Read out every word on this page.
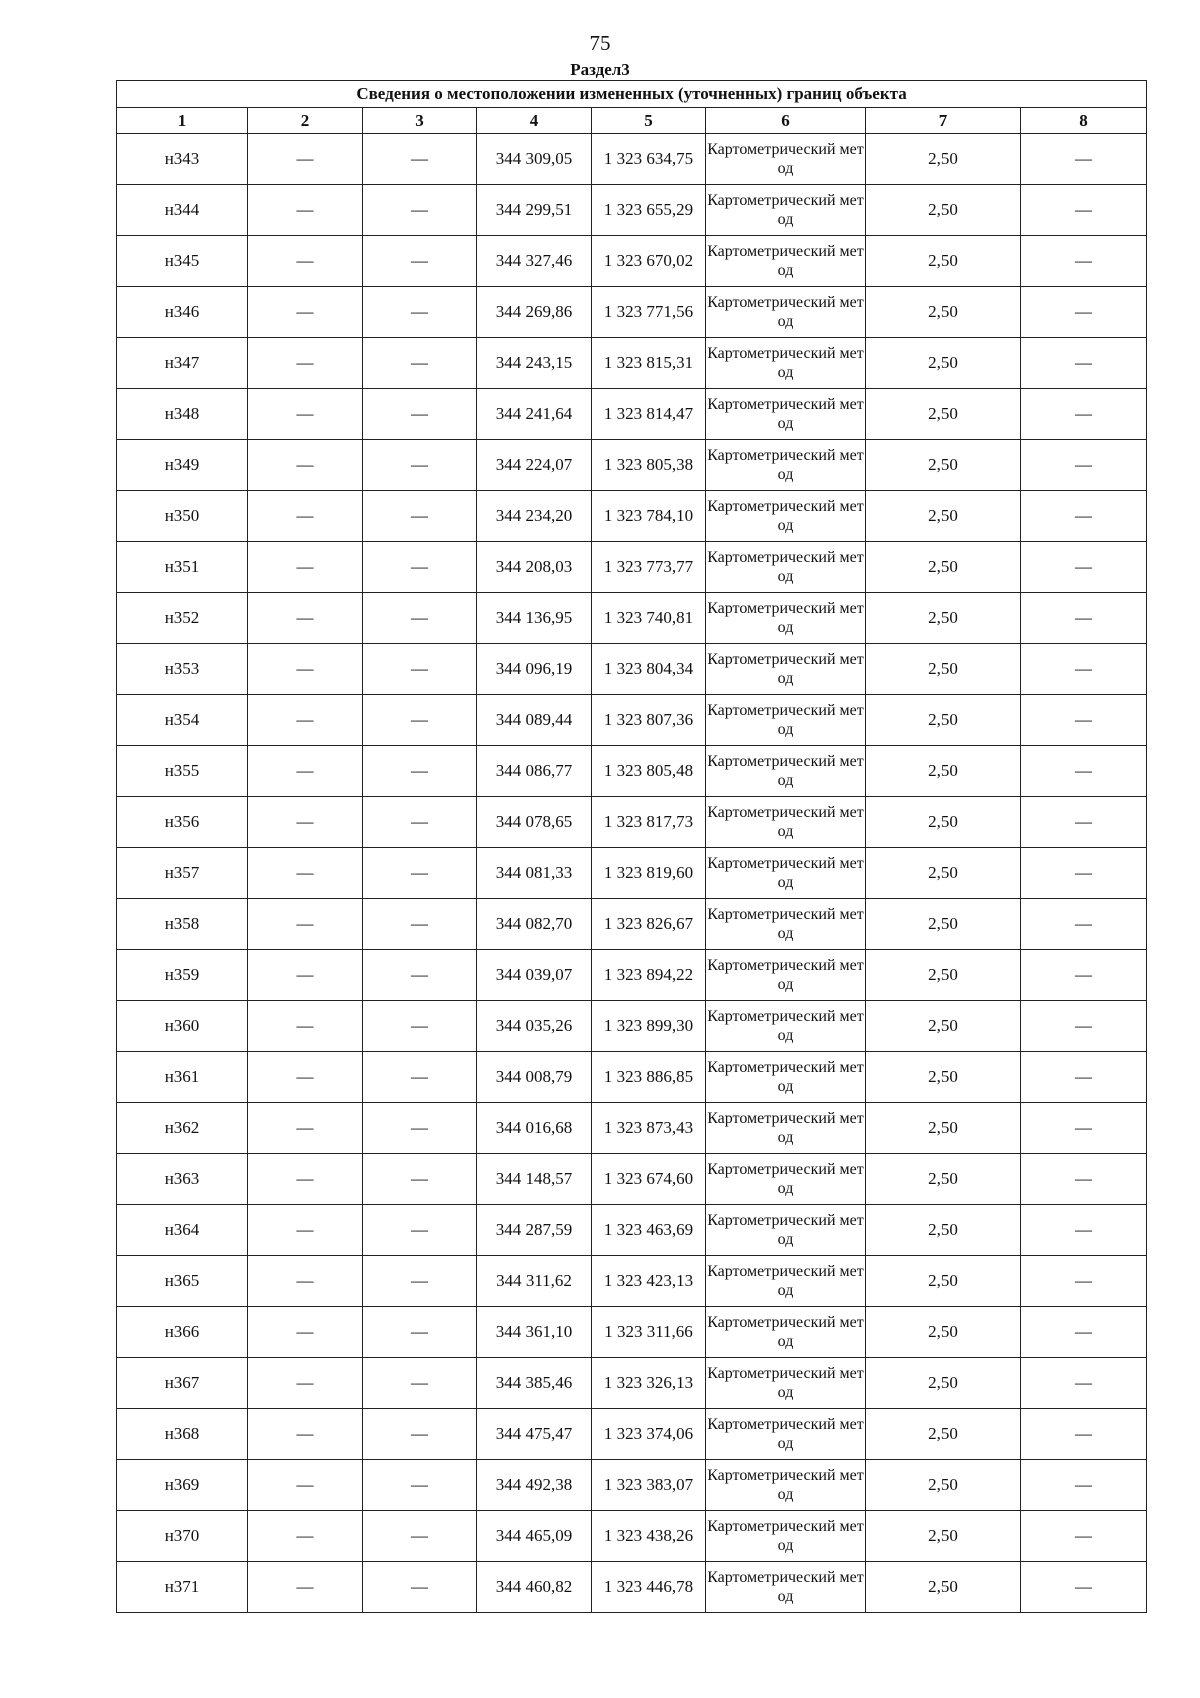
75
Раздел3
Сведения о местоположении измененных (уточненных) границ объекта							
1	2	3	4	5	6	7	8
н343	—	—	344 309,05	1 323 634,75	Картометрический метод	2,50	—
н344	—	—	344 299,51	1 323 655,29	Картометрический метод	2,50	—
н345	—	—	344 327,46	1 323 670,02	Картометрический метод	2,50	—
н346	—	—	344 269,86	1 323 771,56	Картометрический метод	2,50	—
н347	—	—	344 243,15	1 323 815,31	Картометрический метод	2,50	—
н348	—	—	344 241,64	1 323 814,47	Картометрический метод	2,50	—
н349	—	—	344 224,07	1 323 805,38	Картометрический метод	2,50	—
н350	—	—	344 234,20	1 323 784,10	Картометрический метод	2,50	—
н351	—	—	344 208,03	1 323 773,77	Картометрический метод	2,50	—
н352	—	—	344 136,95	1 323 740,81	Картометрический метод	2,50	—
н353	—	—	344 096,19	1 323 804,34	Картометрический метод	2,50	—
н354	—	—	344 089,44	1 323 807,36	Картометрический метод	2,50	—
н355	—	—	344 086,77	1 323 805,48	Картометрический метод	2,50	—
н356	—	—	344 078,65	1 323 817,73	Картометрический метод	2,50	—
н357	—	—	344 081,33	1 323 819,60	Картометрический метод	2,50	—
н358	—	—	344 082,70	1 323 826,67	Картометрический метод	2,50	—
н359	—	—	344 039,07	1 323 894,22	Картометрический метод	2,50	—
н360	—	—	344 035,26	1 323 899,30	Картометрический метод	2,50	—
н361	—	—	344 008,79	1 323 886,85	Картометрический метод	2,50	—
н362	—	—	344 016,68	1 323 873,43	Картометрический метод	2,50	—
н363	—	—	344 148,57	1 323 674,60	Картометрический метод	2,50	—
н364	—	—	344 287,59	1 323 463,69	Картометрический метод	2,50	—
н365	—	—	344 311,62	1 323 423,13	Картометрический метод	2,50	—
н366	—	—	344 361,10	1 323 311,66	Картометрический метод	2,50	—
н367	—	—	344 385,46	1 323 326,13	Картометрический метод	2,50	—
н368	—	—	344 475,47	1 323 374,06	Картометрический метод	2,50	—
н369	—	—	344 492,38	1 323 383,07	Картометрический метод	2,50	—
н370	—	—	344 465,09	1 323 438,26	Картометрический метод	2,50	—
н371	—	—	344 460,82	1 323 446,78	Картометрический метод	2,50	—
